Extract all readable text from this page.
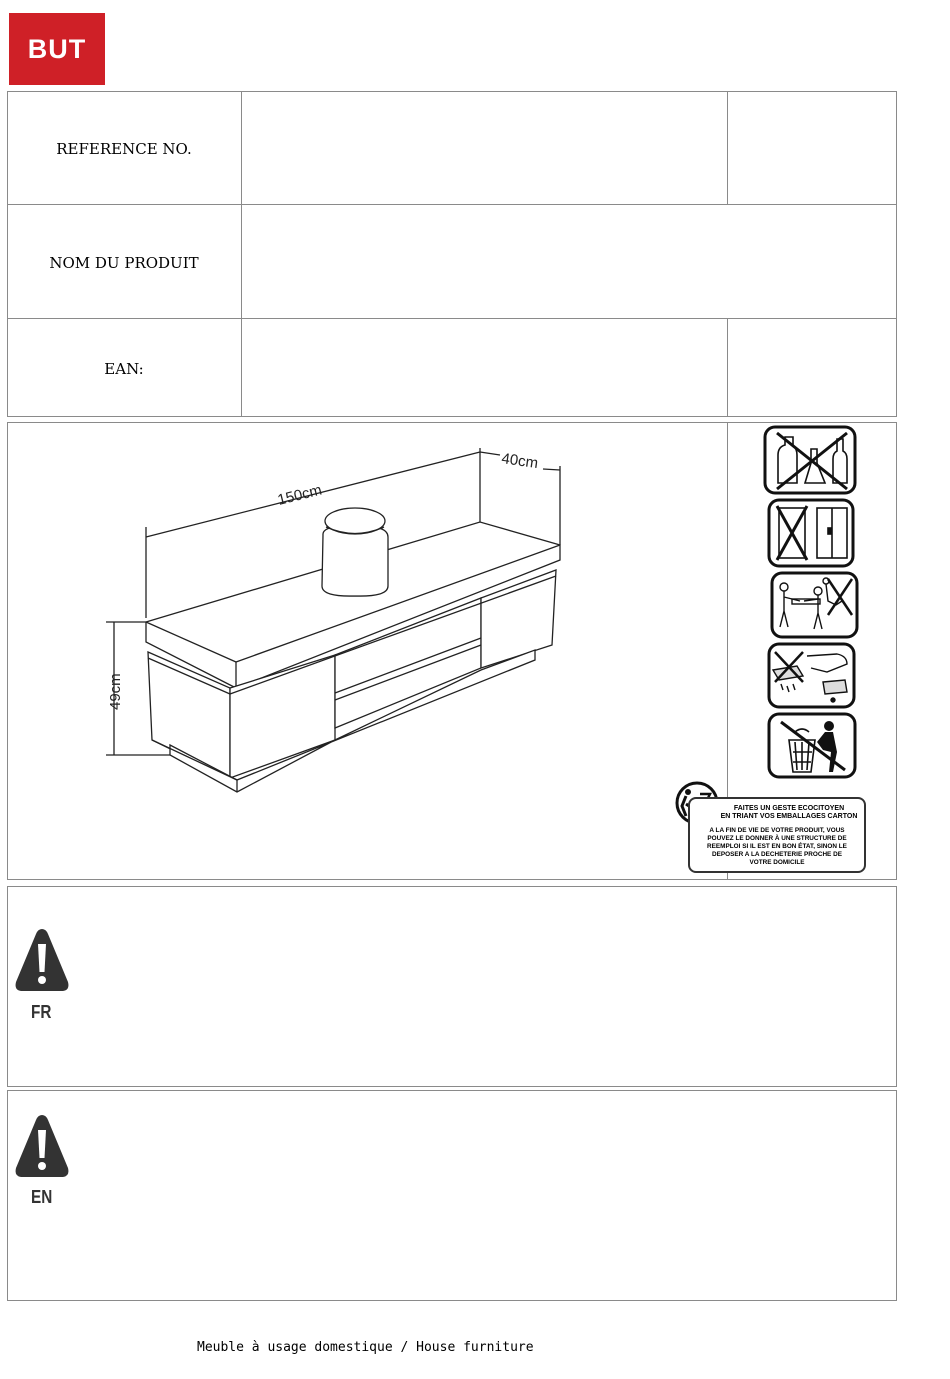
BUT
REFERENCE NO.
NOM DU PRODUIT
EAN:
150cm
40cm
49cm
FAITES UN GESTE ECOCITOYEN
EN TRIANT VOS EMBALLAGES CARTON
A LA FIN DE VIE DE VOTRE PRODUIT, VOUS
POUVEZ LE DONNER À UNE STRUCTURE DE
REEMPLOI SI IL EST EN BON ÉTAT, SINON LE
DEPOSER A LA DECHETERIE PROCHE DE
VOTRE DOMICILE
FR
EN
Meuble à usage domestique / House furniture
